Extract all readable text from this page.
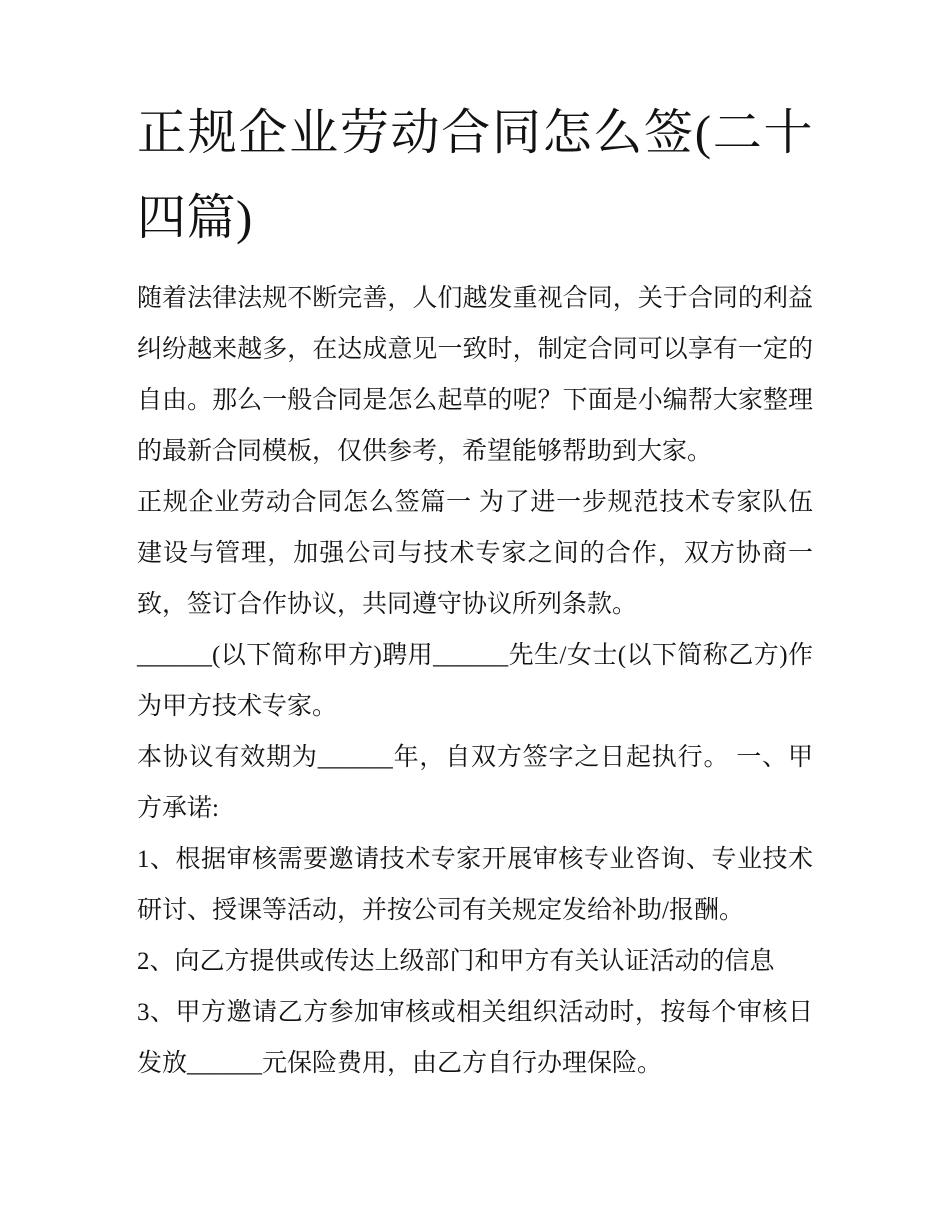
正规企业劳动合同怎么签(二十四篇)

随着法律法规不断完善，人们越发重视合同，关于合同的利益纠纷越来越多，在达成意见一致时，制定合同可以享有一定的自由。那么一般合同是怎么起草的呢？下面是小编帮大家整理的最新合同模板，仅供参考，希望能够帮助到大家。

正规企业劳动合同怎么签篇一 为了进一步规范技术专家队伍建设与管理，加强公司与技术专家之间的合作，双方协商一致，签订合作协议，共同遵守协议所列条款。

______(以下简称甲方)聘用______先生/女士(以下简称乙方)作为甲方技术专家。

本协议有效期为______年，自双方签字之日起执行。 一、甲方承诺:

1、根据审核需要邀请技术专家开展审核专业咨询、专业技术研讨、授课等活动，并按公司有关规定发给补助/报酬。

2、向乙方提供或传达上级部门和甲方有关认证活动的信息

3、甲方邀请乙方参加审核或相关组织活动时，按每个审核日发放______元保险费用，由乙方自行办理保险。
